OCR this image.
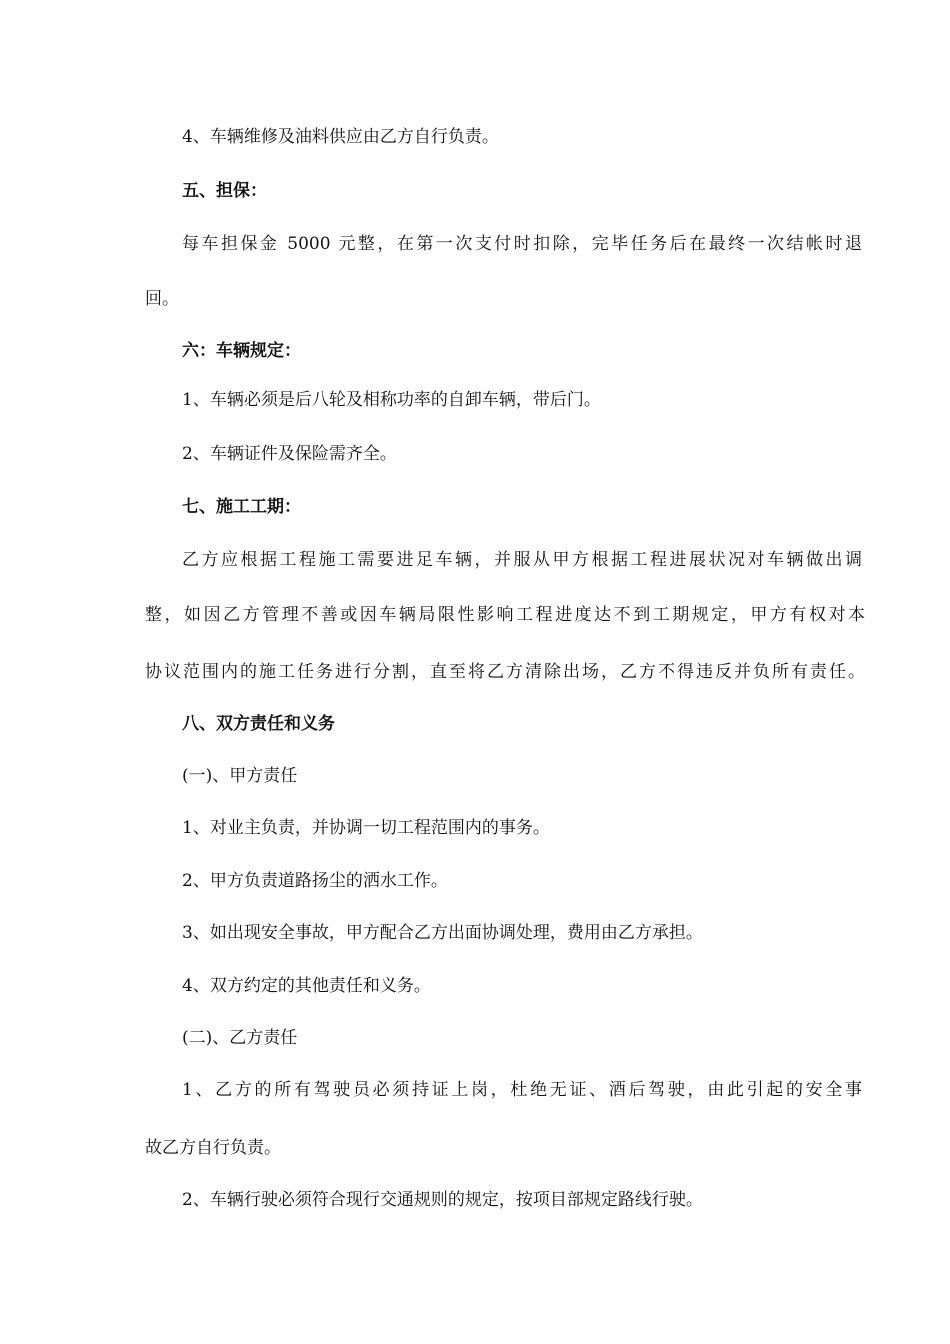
4、车辆维修及油料供应由乙方自行负责。
五、担保：
每车担保金 5000 元整，在第一次支付时扣除，完毕任务后在最终一次结帐时退
回。
六：车辆规定：
1、车辆必须是后八轮及相称功率的自卸车辆，带后门。
2、车辆证件及保险需齐全。
七、施工工期：
乙方应根据工程施工需要进足车辆，并服从甲方根据工程进展状况对车辆做出调
整，如因乙方管理不善或因车辆局限性影响工程进度达不到工期规定，甲方有权对本
协议范围内的施工任务进行分割，直至将乙方清除出场，乙方不得违反并负所有责任。
八、双方责任和义务
(一)、甲方责任
1、对业主负责，并协调一切工程范围内的事务。
2、甲方负责道路扬尘的洒水工作。
3、如出现安全事故，甲方配合乙方出面协调处理，费用由乙方承担。
4、双方约定的其他责任和义务。
(二)、乙方责任
1、乙方的所有驾驶员必须持证上岗，杜绝无证、酒后驾驶，由此引起的安全事
故乙方自行负责。
2、车辆行驶必须符合现行交通规则的规定，按项目部规定路线行驶。
